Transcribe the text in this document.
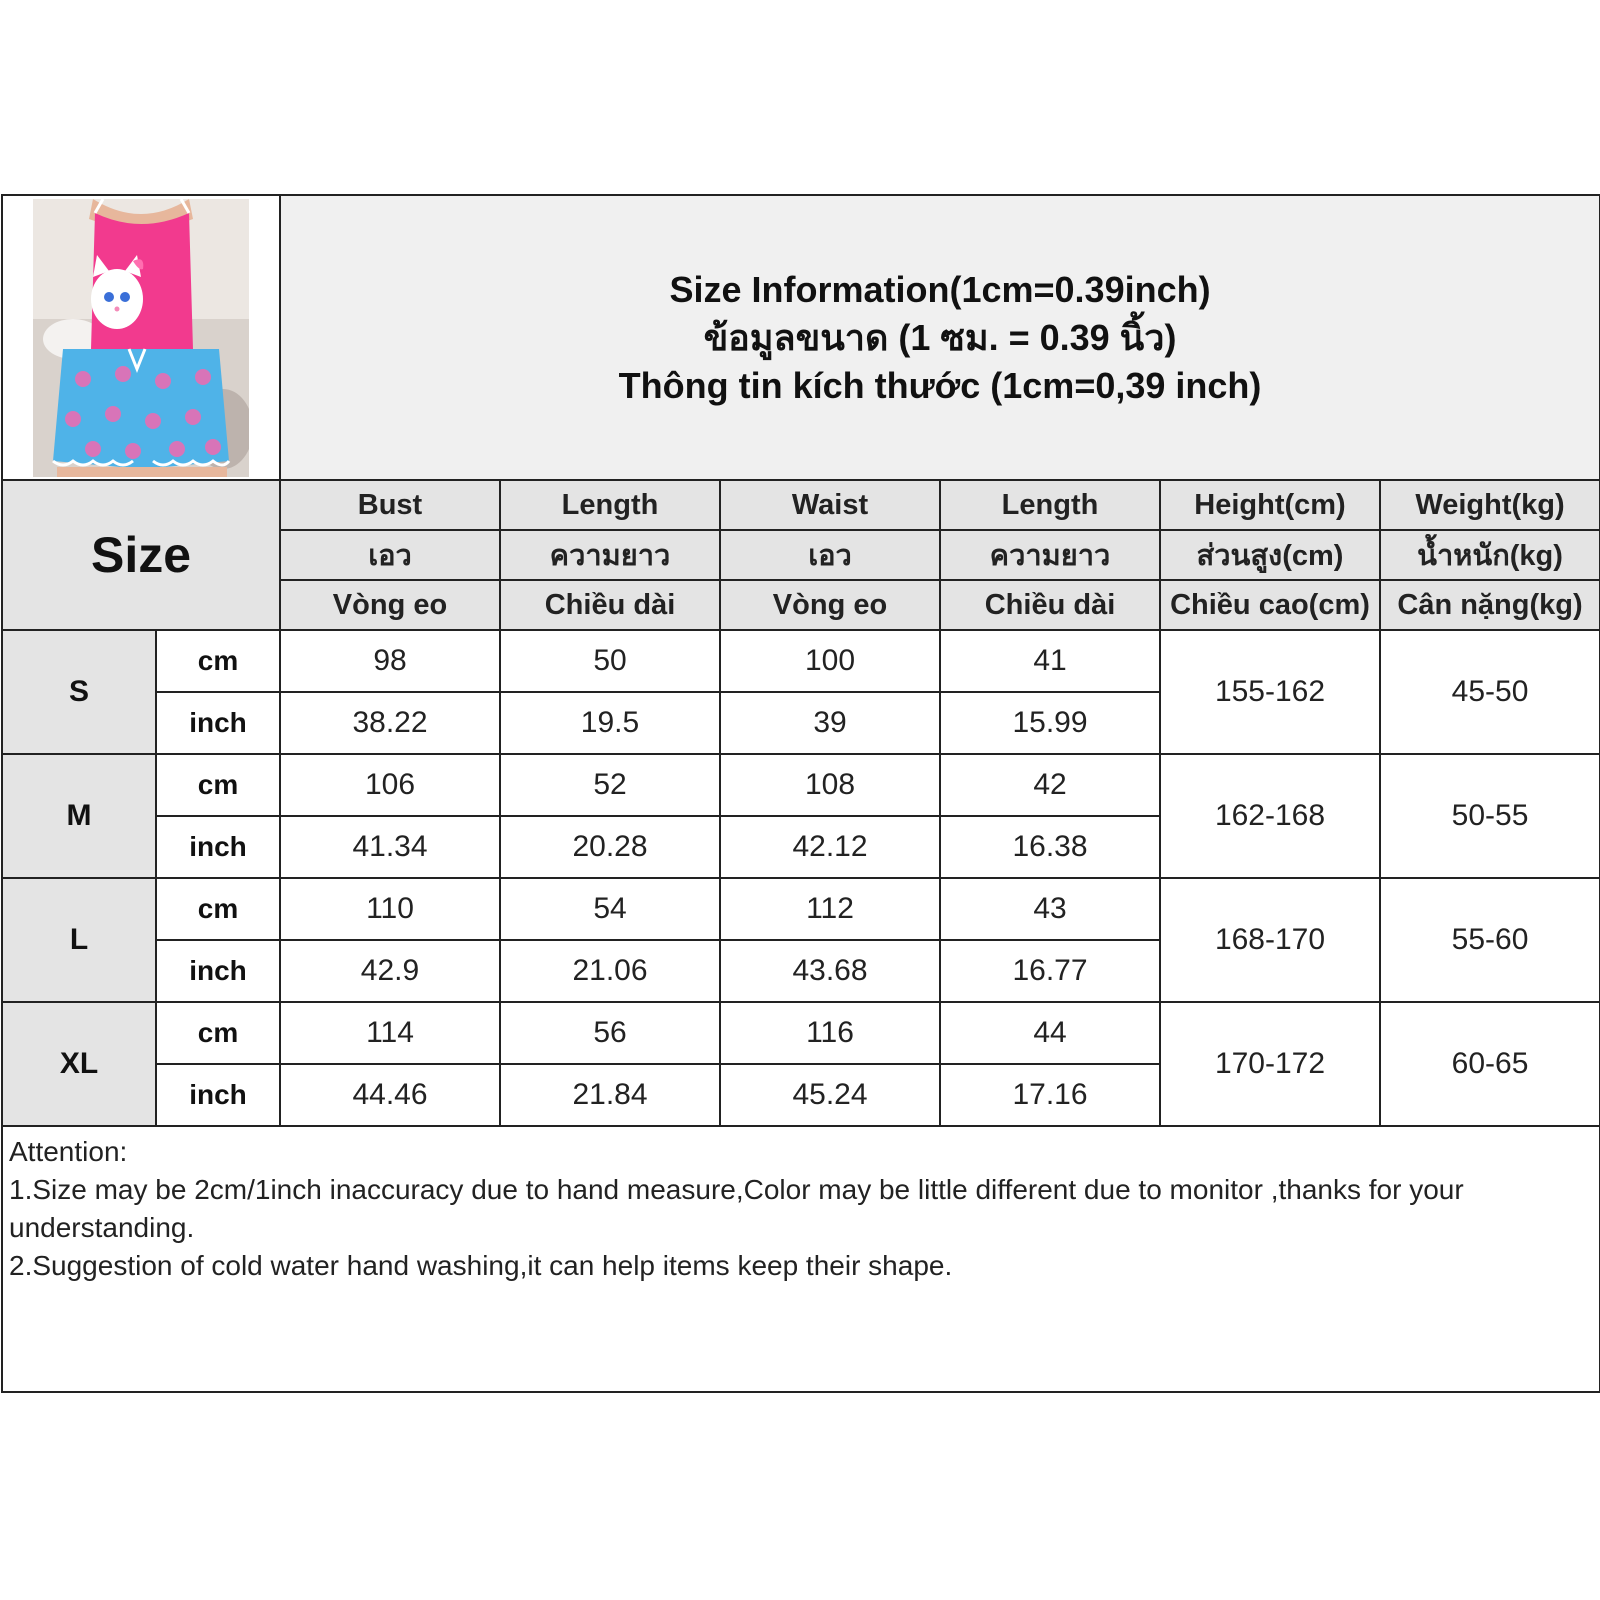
Size Information(1cm=0.39inch)
ข้อมูลขนาด (1 ซม. = 0.39 นิ้ว)
Thông tin kích thước (1cm=0,39 inch)					

Size		Bust	Length	Waist	Length	Height(cm)	Weight(kg)
		เอว	ความยาว	เอว	ความยาว	ส่วนสูง(cm)	น้ำหนัก(kg)
		Vòng eo	Chiều dài	Vòng eo	Chiều dài	Chiều cao(cm)	Cân nặng(kg)
S	cm	98	50	100	41	155-162	45-50
	inch	38.22	19.5	39	15.99		
M	cm	106	52	108	42	162-168	50-55
	inch	41.34	20.28	42.12	16.38		
L	cm	110	54	112	43	168-170	55-60
	inch	42.9	21.06	43.68	16.77		
XL	cm	114	56	116	44	170-172	60-65
	inch	44.46	21.84	45.24	17.16		

Attention:
1.Size may be 2cm/1inch inaccuracy due to hand measure,Color may be little different due to monitor ,thanks for your understanding.
2.Suggestion of cold water hand washing,it can help items keep their shape.							
